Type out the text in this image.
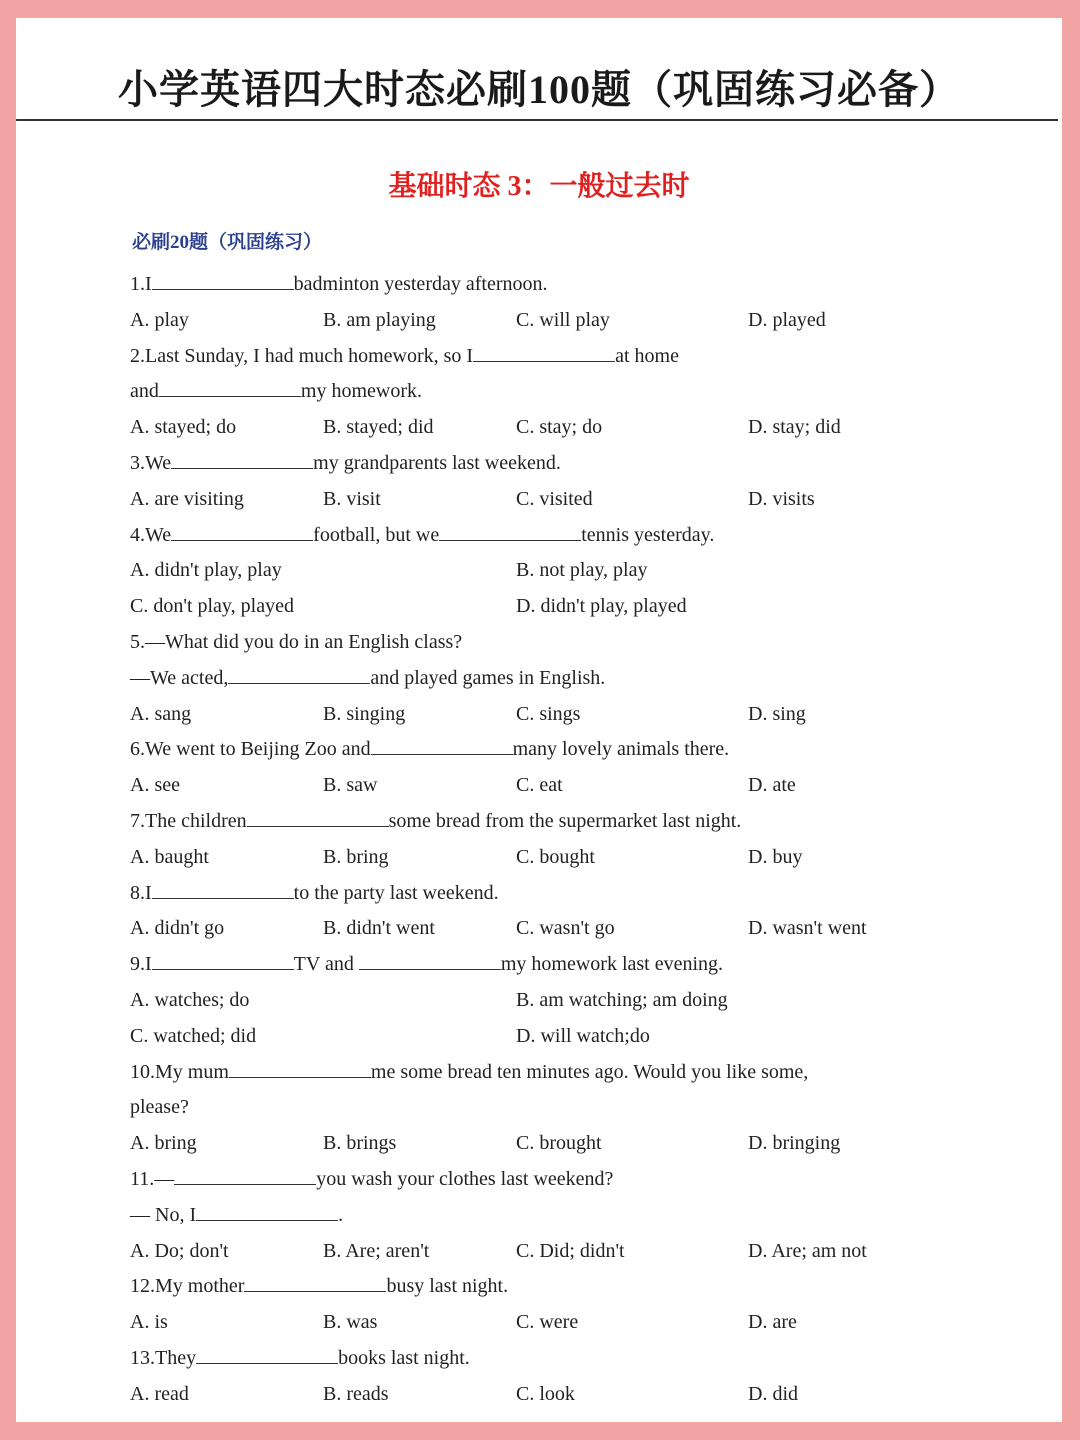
小学英语四大时态必刷100题（巩固练习必备）
基础时态 3：一般过去时
必刷20题（巩固练习）
1.I	badminton yesterday afternoon.
A. play	B. am playing	C. will play	D. played
2.Last Sunday, I had much homework, so I	at home
and	my homework.
A. stayed; do	B. stayed; did	C. stay; do	D. stay; did
3.We	my grandparents last weekend.
A. are visiting	B. visit	C. visited	D. visits
4.We	football, but we	tennis yesterday.
A. didn't play, play	B. not play, play
C. don't play, played	D. didn't play, played
5.—What did you do in an English class?
—We acted,	and played games in English.
A. sang	B. singing	C. sings	D. sing
6.We went to Beijing Zoo and	many lovely animals there.
A. see	B. saw	C. eat	D. ate
7.The children	some bread from the supermarket last night.
A. baught	B. bring	C. bought	D. buy
8.I	to the party last weekend.
A. didn't go	B. didn't went	C. wasn't go	D. wasn't went
9.I	TV and	my homework last evening.
A. watches; do	B. am watching; am doing
C. watched; did	D. will watch;do
10.My mum	me some bread ten minutes ago. Would you like some,
please?
A. bring	B. brings	C. brought	D. bringing
11.—	you wash your clothes last weekend?
— No, I	.
A. Do; don't	B. Are; aren't	C. Did; didn't	D. Are; am not
12.My mother	busy last night.
A. is	B. was	C. were	D. are
13.They	books last night.
A. read	B. reads	C. look	D. did
